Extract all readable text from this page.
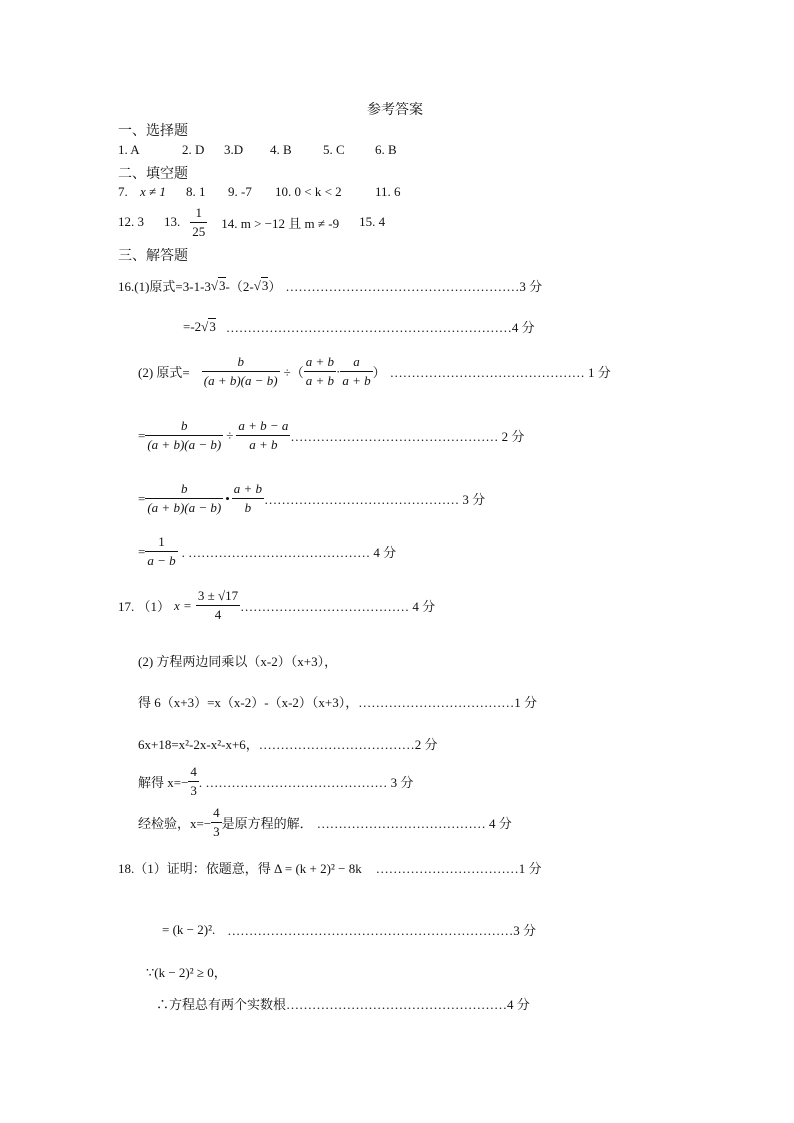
参考答案
一、选择题
1. A	2. D 3.D 4. B 5. C 6. B
二、填空题
7. x ≠ 1 8. 1 9. -7 10. 0 < k < 2	11. 6
12. 3 13. $\frac{1}{25} 14$. m > −12 且 m ≠ -9 15. 4
三、解答题
16.(1)原式=3-1-3 √ 3 -（2- √ 3 ） ………………………………………………3 分
=-2 √ 3 …………………………………………………………4 分
(2) 原式= $\frac{b}{(a + b)(a - b)}$ ÷（ $\frac{a + b}{a + b} \cdot \frac{a}{a + b}$ ） ……………………………………… 1 分
= $\frac{b}{(a + b)(a - b)} \div \frac{a + b - a}{a + b}$ ………………………………………… 2 分
= $\frac{b}{(a + b)(a - b)}$ • $\frac{a + b}{b}$ ……………………………………… 3 分
= $\frac{1}{a - b}$ . …………………………………… 4 分
17. （1） $x = \frac{3 \pm √17}{4}$ ………………………………… 4 分
(2) 方程两边同乘以（x-2）（x+3），
得 6（x+3）=x（x-2）-（x-2）（x+3），………………………………1 分
6x+18=x²-2x-x²-x+6，………………………………2 分
解得 $x=- \frac{4}{3}$ . …………………………………… 3 分
经检验，$x=- \frac{4}{3}$ 是原方程的解． ………………………………… 4 分
18.（1）证明：依题意，得 Δ = (k + 2)² − 8k ……………………………1 分
= (k − 2)². …………………………………………………………3 分
∵(k − 2)² ≥ 0，
∴方程总有两个实数根 ……………………………………………4 分
